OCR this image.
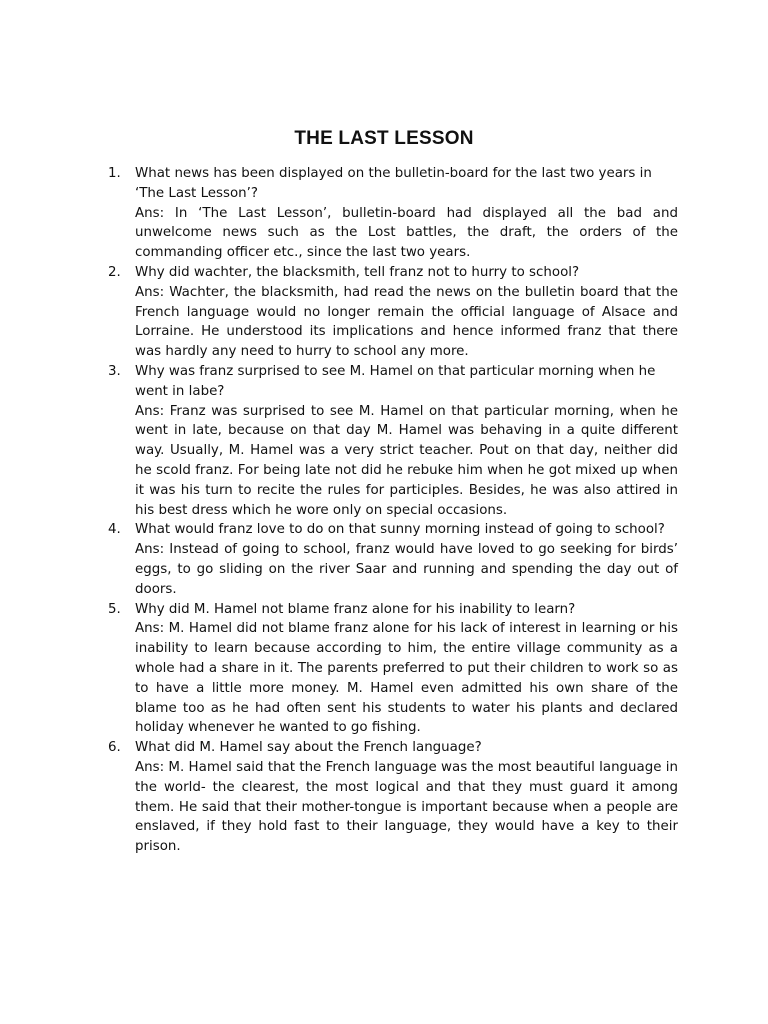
THE LAST LESSON
1. What news has been displayed on the bulletin-board for the last two years in ‘The Last Lesson’?

Ans: In ‘The Last Lesson’, bulletin-board had displayed all the bad and unwelcome news such as the Lost battles, the draft, the orders of the commanding officer etc., since the last two years.

2. Why did wachter, the blacksmith, tell franz not to hurry to school?

Ans: Wachter, the blacksmith, had read the news on the bulletin board that the French language would no longer remain the official language of Alsace and Lorraine. He understood its implications and hence informed franz that there was hardly any need to hurry to school any more.

3. Why was franz surprised to see M. Hamel on that particular morning when he went in labe?

Ans: Franz was surprised to see M. Hamel on that particular morning, when he went in late, because on that day M. Hamel was behaving in a quite different way. Usually, M. Hamel was a very strict teacher. Pout on that day, neither did he scold franz. For being late not did he rebuke him when he got mixed up when it was his turn to recite the rules for participles. Besides, he was also attired in his best dress which he wore only on special occasions.

4. What would franz love to do on that sunny morning instead of going to school?

Ans: Instead of going to school, franz would have loved to go seeking for birds’ eggs, to go sliding on the river Saar and running and spending the day out of doors.

5. Why did M. Hamel not blame franz alone for his inability to learn?

Ans: M. Hamel did not blame franz alone for his lack of interest in learning or his inability to learn because according to him, the entire village community as a whole had a share in it. The parents preferred to put their children to work so as to have a little more money. M. Hamel even admitted his own share of the blame too as he had often sent his students to water his plants and declared holiday whenever he wanted to go fishing.

6. What did M. Hamel say about the French language?

Ans: M. Hamel said that the French language was the most beautiful language in the world- the clearest, the most logical and that they must guard it among them. He said that their mother-tongue is important because when a people are enslaved, if they hold fast to their language, they would have a key to their prison.
